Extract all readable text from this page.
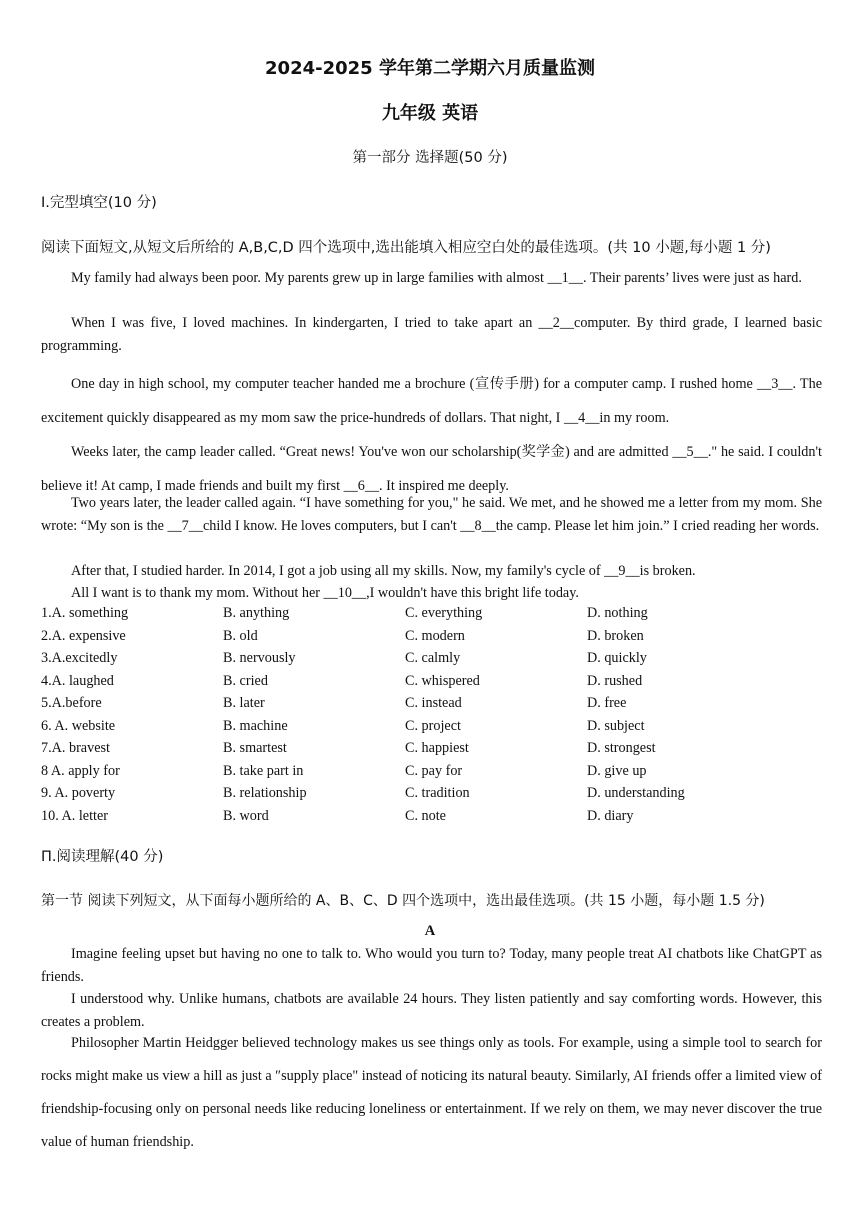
2024-2025 学年第二学期六月质量监测
九年级 英语
第一部分 选择题(50 分)
I.完型填空(10 分)
阅读下面短文,从短文后所给的 A,B,C,D 四个选项中,选出能填入相应空白处的最佳选项。(共 10 小题,每小题 1 分)
My family had always been poor. My parents grew up in large families with almost __1__. Their parents’ lives were just as hard.
When I was five, I loved machines. In kindergarten, I tried to take apart an __2__computer. By third grade, I learned basic programming.
One day in high school, my computer teacher handed me a brochure (宣传手册) for a computer camp. I rushed home __3__. The excitement quickly disappeared as my mom saw the price-hundreds of dollars. That night, I __4__in my room.
Weeks later, the camp leader called. “Great news! You've won our scholarship(奖学金) and are admitted __5__." he said. I couldn't believe it! At camp, I made friends and built my first __6__. It inspired me deeply.
Two years later, the leader called again. “I have something for you," he said. We met, and he showed me a letter from my mom. She wrote: “My son is the __7__child I know. He loves computers, but I can't __8__the camp. Please let him join.” I cried reading her words.
After that, I studied harder. In 2014, I got a job using all my skills. Now, my family's cycle of __9__is broken.
All I want is to thank my mom. Without her __10__,I wouldn't have this bright life today.
1.A. something	B. anything	C. everything	D. nothing
2.A. expensive	B. old	C. modern	D. broken
3.A.excitedly	B. nervously	C. calmly	D. quickly
4.A. laughed	B. cried	C. whispered	D. rushed
5.A.before	B. later	C. instead	D. free
6. A. website	B. machine	C. project	D. subject
7.A. bravest	B. smartest	C. happiest	D. strongest
8 A. apply for	B. take part in	C. pay for	D. give up
9. A. poverty	B. relationship	C. tradition	D. understanding
10. A. letter	B. word	C. note	D. diary
Π.阅读理解(40 分)
第一节 阅读下列短文，从下面每小题所给的 A、B、C、D 四个选项中，选出最佳选项。(共 15 小题，每小题 1.5 分)
A
Imagine feeling upset but having no one to talk to. Who would you turn to? Today, many people treat AI chatbots like ChatGPT as friends.
I understood why. Unlike humans, chatbots are available 24 hours. They listen patiently and say comforting words. However, this creates a problem.
Philosopher Martin Heidgger believed technology makes us see things only as tools. For example, using a simple tool to search for rocks might make us view a hill as just a ″supply place" instead of noticing its natural beauty. Similarly, AI friends offer a limited view of friendship-focusing only on personal needs like reducing loneliness or entertainment. If we rely on them, we may never discover the true value of human friendship.
